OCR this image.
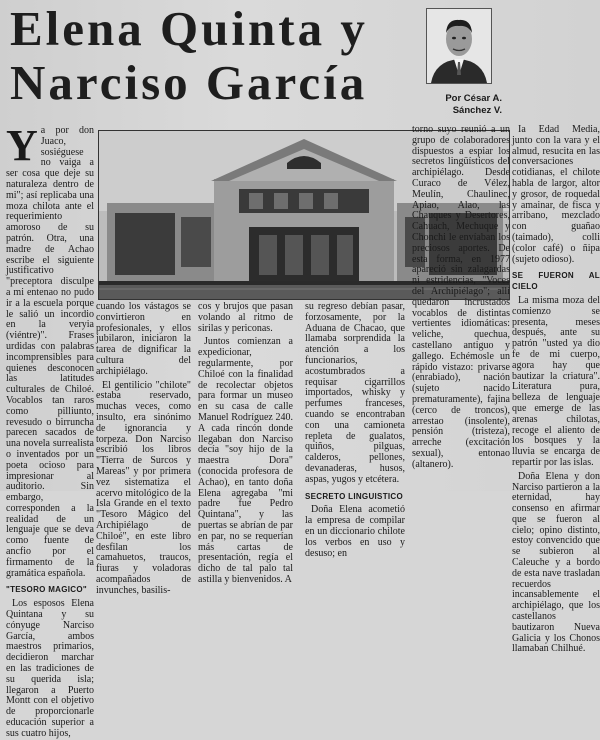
Elena Quinta y Narciso García	Por César A.
Sánchez V.
Y a por don Juaco, sosiéguese no vaiga a ser cosa que deje su naturaleza dentro de mi"; así replicaba una moza chilota ante el requerimiento amoroso de su patrón. Otra, una madre de Achao escribe el siguiente justificativo "preceptora disculpe a mi entenao no pudo ir a la escuela porque le salió un incordio en la veryia (viéntre)". Frases urdidas con palabras incomprensibles para quienes desconocen las latitudes culturales de Chiloé. Vocablos tan raros como pilliunto, revesudo o birruncha parecen sacados de una novela surrealista o inventados por un poeta ocioso para impresionar al auditorio. Sin embargo, corresponden a la realidad de un lenguaje que se deva como fuente de ancfio por el firmamento de la gramática española.

"TESORO MAGICO"

Los esposos Elena Quintana y su cónyuge Narciso García, ambos maestros primarios, decidieron marchar en las tradiciones de su querida isla; llegaron a Puerto Montt con el objetivo de proporcionarle educación superior a sus cuatro hijos,

cuando los vástagos se convirtieron en profesionales, y ellos jubilaron, iniciaron la tarea de dignificar la cultura del archipiélago.

El gentilicio "chilote" estaba reservado, muchas veces, como insulto, era sinónimo de ignorancia y torpeza. Don Narciso escribió los libros "Tierra de Surcos y Mareas" y por primera vez sistematiza el acervo mitológico de la Isla Grande en el texto "Tesoro Mágico del Archipiélago de Chiloé", en este libro desfilan los camahuetos, traucos, fiuras y voladoras acompañados de invunches, basilis-

cos y brujos que pasan volando al ritmo de sirilas y periconas.

Juntos comienzan a expedicionar, regularmente, por Chiloé con la finalidad de recolectar objetos para formar un museo en su casa de calle Manuel Rodríguez 240. A cada rincón donde llegaban don Narciso decía "soy hijo de la maestra Dora" (conocida profesora de Achao), en tanto doña Elena agregaba "mi padre fue Pedro Quintana", y las puertas se abrían de par en par, no se requerían más cartas de presentación, regía el dicho de tal palo tal astilla y bienvenidos. A

su regreso debían pasar, forzosamente, por la Aduana de Chacao, que llamaba sorprendida la atención a los funcionarios, acostumbrados a requisar cigarrillos importados, whisky y perfumes franceses, cuando se encontraban con una camioneta repleta de gualatos, quiños, pilguas, calderos, pellones, devanaderas, husos, aspas, yugos y etcétera.

SECRETO LINGUISTICO

Doña Elena acometió la empresa de compilar en un diccionario chilote los verbos en uso y desuso; en

torno suyo reunió a un grupo de colaboradores dispuestos a espiar los secretos lingüísticos del archipiélago. Desde Curaco de Vélez, Meulín, Chaulinec, Apiao, Alao, las Chauques y Desertores, Cahuach, Mechuque y Chonchi le envíaban los preciosos aportes. De esta forma, en 1977 apareció sin zalagardas ni estridencias, "Voces del Archipiélago"; allí quedaron incrustados vocablos de distintas vertientes idiomáticas: veliche, quechua, castellano antiguo y gallego. Echémosle un rápido vistazo: privarse (enrabiado), nación (sujeto nacido prematuramente), fajina (cerco de troncos), arrestao (insolente), pensión (tristeza), arreche (excitación sexual), entonao (altanero).

Ia Edad Media, junto con la vara y el almud, resucita en las conversaciones cotidianas, el chilote habla de largor, altor y grosor, de roquedal y amainar, de fisca y arribano, mezclado con guañao (taimado), colli (color café) o ñipa (sujeto odioso).

SE FUERON AL CIELO

La misma moza del comienzo se presenta, meses después, ante su patrón "usted ya dio fe de mi cuerpo, agora hay que bautizar la criatura". Literatura pura, belleza de lenguaje que emerge de las arenas chilotas, recoge el aliento de los bosques y la lluvia se encarga de repartir por las islas.

Doña Elena y don Narciso partieron a la eternidad, hay consenso en afirmar que se fueron al cielo; opino distinto, estoy convencido que se subieron al Caleuche y a bordo de esta nave trasladan recuerdos incansablemente el archipiélago, que los castellanos bautizaron Nueva Galicia y los Chonos llamaban Chilhué.
